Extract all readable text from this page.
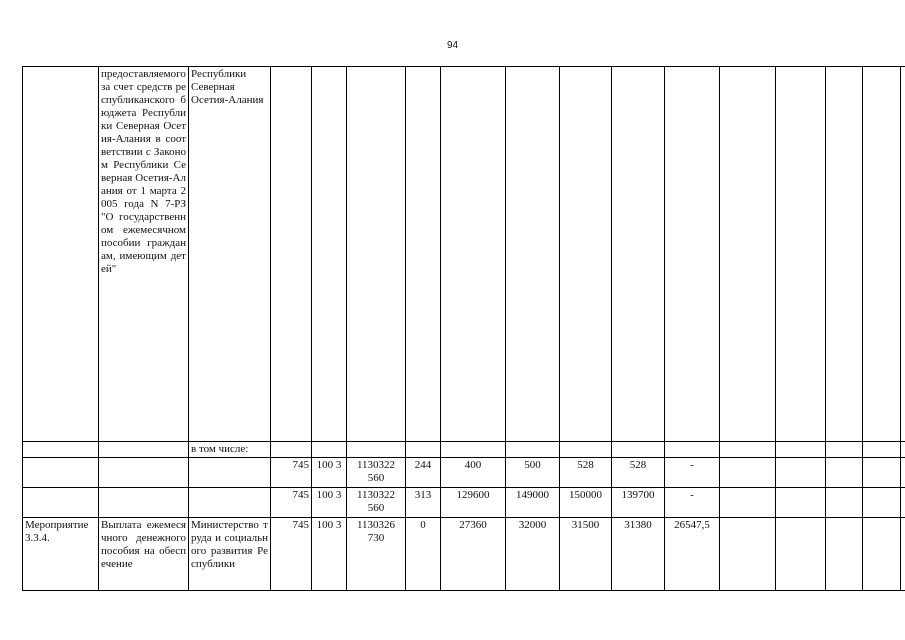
94
	предоставляемого за счет средств республиканского бюджета Республики Северная Осетия-Алания в соответствии с Законом Республики Северная Осетия-Алания от 1 марта 2005 года N 7-РЗ "О государственном ежемесячном пособии гражданам, имеющим детей"	Республики Северная Осетия-Алания														
		в том числе:														
			745	100 3	1130322 560	244	400	500	528	528	-					
			745	100 3	1130322 560	313	129600	149000	150000	139700	-					
Мероприятие 3.3.4.	Выплата ежемесячного денежного пособия на обеспечение	Министерство труда и социального развития Республики	745	100 3	1130326 730	0	27360	32000	31500	31380	26547,5					
